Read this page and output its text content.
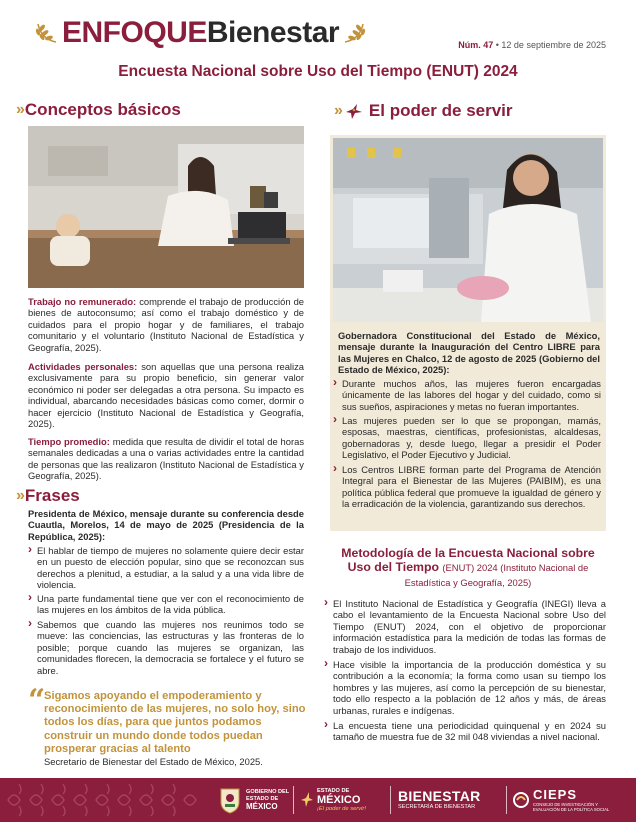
ENFOQUEBienestar	Núm. 47 • 12 de septiembre de 2025
Encuesta Nacional sobre Uso del Tiempo (ENUT) 2024
» Conceptos básicos
Trabajo no remunerado: comprende el trabajo de producción de bienes de autoconsumo; así como el trabajo doméstico y de cuidados para el propio hogar y de familiares, el trabajo comunitario y el voluntario (Instituto Nacional de Estadística y Geografía, 2025).
Actividades personales: son aquellas que una persona realiza exclusivamente para su propio beneficio, sin generar valor económico ni poder ser delegadas a otra persona. Su impacto es individual, abarcando necesidades básicas como comer, dormir o hacer ejercicio (Instituto Nacional de Estadística y Geografía, 2025).
Tiempo promedio: medida que resulta de dividir el total de horas semanales dedicadas a una o varias actividades entre la cantidad de personas que las realizaron (Instituto Nacional de Estadística y Geografía, 2025).
» Frases
Presidenta de México, mensaje durante su conferencia desde Cuautla, Morelos, 14 de mayo de 2025 (Presidencia de la República, 2025):
› El hablar de tiempo de mujeres no solamente quiere decir estar en un puesto de elección popular, sino que se reconozcan sus derechos a plenitud, a estudiar, a la salud y a una vida libre de violencia.
› Una parte fundamental tiene que ver con el reconocimiento de las mujeres en los ámbitos de la vida pública.
› Sabemos que cuando las mujeres nos reunimos todo se mueve: las conciencias, las estructuras y las fronteras de lo posible; porque cuando las mujeres se organizan, las comunidades florecen, la democracia se fortalece y el futuro se abre.
“
Sigamos apoyando el empoderamiento y reconocimiento de las mujeres, no solo hoy, sino todos los días, para que juntos podamos construir un mundo donde todos puedan prosperar gracias al talento
Secretario de Bienestar del Estado de México, 2025.
» El poder de servir
Gobernadora Constitucional del Estado de México, mensaje durante la Inauguración del Centro LIBRE para las Mujeres en Chalco, 12 de agosto de 2025 (Gobierno del Estado de México, 2025):
› Durante muchos años, las mujeres fueron encargadas únicamente de las labores del hogar y del cuidado, como si sus sueños, aspiraciones y metas no fueran importantes.
› Las mujeres pueden ser lo que se propongan, mamás, esposas, maestras, científicas, profesionistas, alcaldesas, gobernadoras y, desde luego, llegar a presidir el Poder Legislativo, el Poder Ejecutivo y Judicial.
› Los Centros LIBRE forman parte del Programa de Atención Integral para el Bienestar de las Mujeres (PAIBIM), es una política pública federal que promueve la igualdad de género y la erradicación de la violencia, garantizando sus derechos.
Metodología de la Encuesta Nacional sobre Uso del Tiempo (ENUT) 2024 (Instituto Nacional de Estadística y Geografía, 2025)
› El Instituto Nacional de Estadística y Geografía (INEGI) lleva a cabo el levantamiento de la Encuesta Nacional sobre Uso del Tiempo (ENUT) 2024, con el objetivo de proporcionar información estadística para la medición de todas las formas de trabajo de los individuos.
› Hace visible la importancia de la producción doméstica y su contribución a la economía; la forma como usan su tiempo los hombres y las mujeres, así como la percepción de su bienestar, todo ello respecto a la población de 12 años y más, de áreas urbanas, rurales e indígenas.
› La encuesta tiene una periodicidad quinquenal y en 2024 su tamaño de muestra fue de 32 mil 048 viviendas a nivel nacional.
GOBIERNO DEL
ESTADO DE
MÉXICO
ESTADO DE
MÉXICO
¡El poder de servir!
BIENESTAR
SECRETARÍA DE BIENESTAR
CIEPS
CONSEJO DE INVESTIGACIÓN Y EVALUACIÓN DE LA POLÍTICA SOCIAL
